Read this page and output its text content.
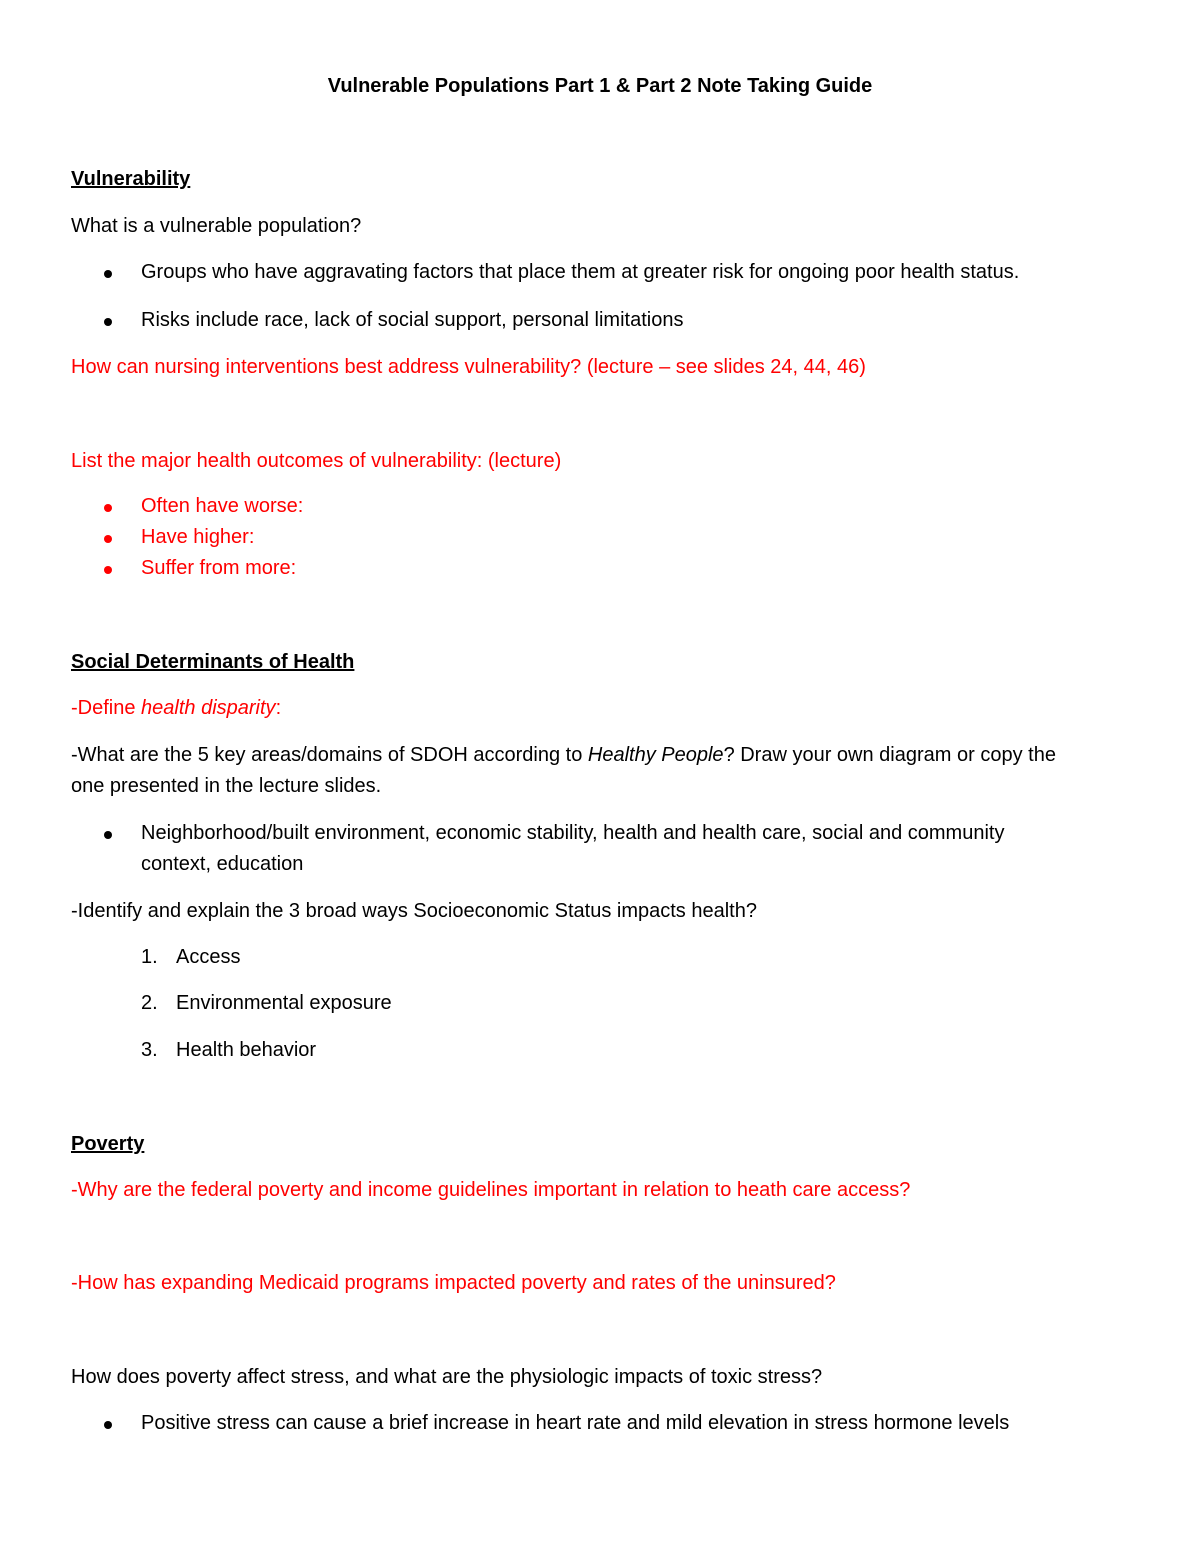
Vulnerable Populations Part 1 & Part 2 Note Taking Guide
Vulnerability
What is a vulnerable population?
Groups who have aggravating factors that place them at greater risk for ongoing poor health status.
Risks include race, lack of social support, personal limitations
How can nursing interventions best address vulnerability? (lecture – see slides 24, 44, 46)
List the major health outcomes of vulnerability: (lecture)
Often have worse:
Have higher:
Suffer from more:
Social Determinants of Health
-Define health disparity:
-What are the 5 key areas/domains of SDOH according to Healthy People? Draw your own diagram or copy the
one presented in the lecture slides.
Neighborhood/built environment, economic stability, health and health care, social and community
context, education
-Identify and explain the 3 broad ways Socioeconomic Status impacts health?
1. Access
2. Environmental exposure
3. Health behavior
Poverty
-Why are the federal poverty and income guidelines important in relation to heath care access?
-How has expanding Medicaid programs impacted poverty and rates of the uninsured?
How does poverty affect stress, and what are the physiologic impacts of toxic stress?
Positive stress can cause a brief increase in heart rate and mild elevation in stress hormone levels
